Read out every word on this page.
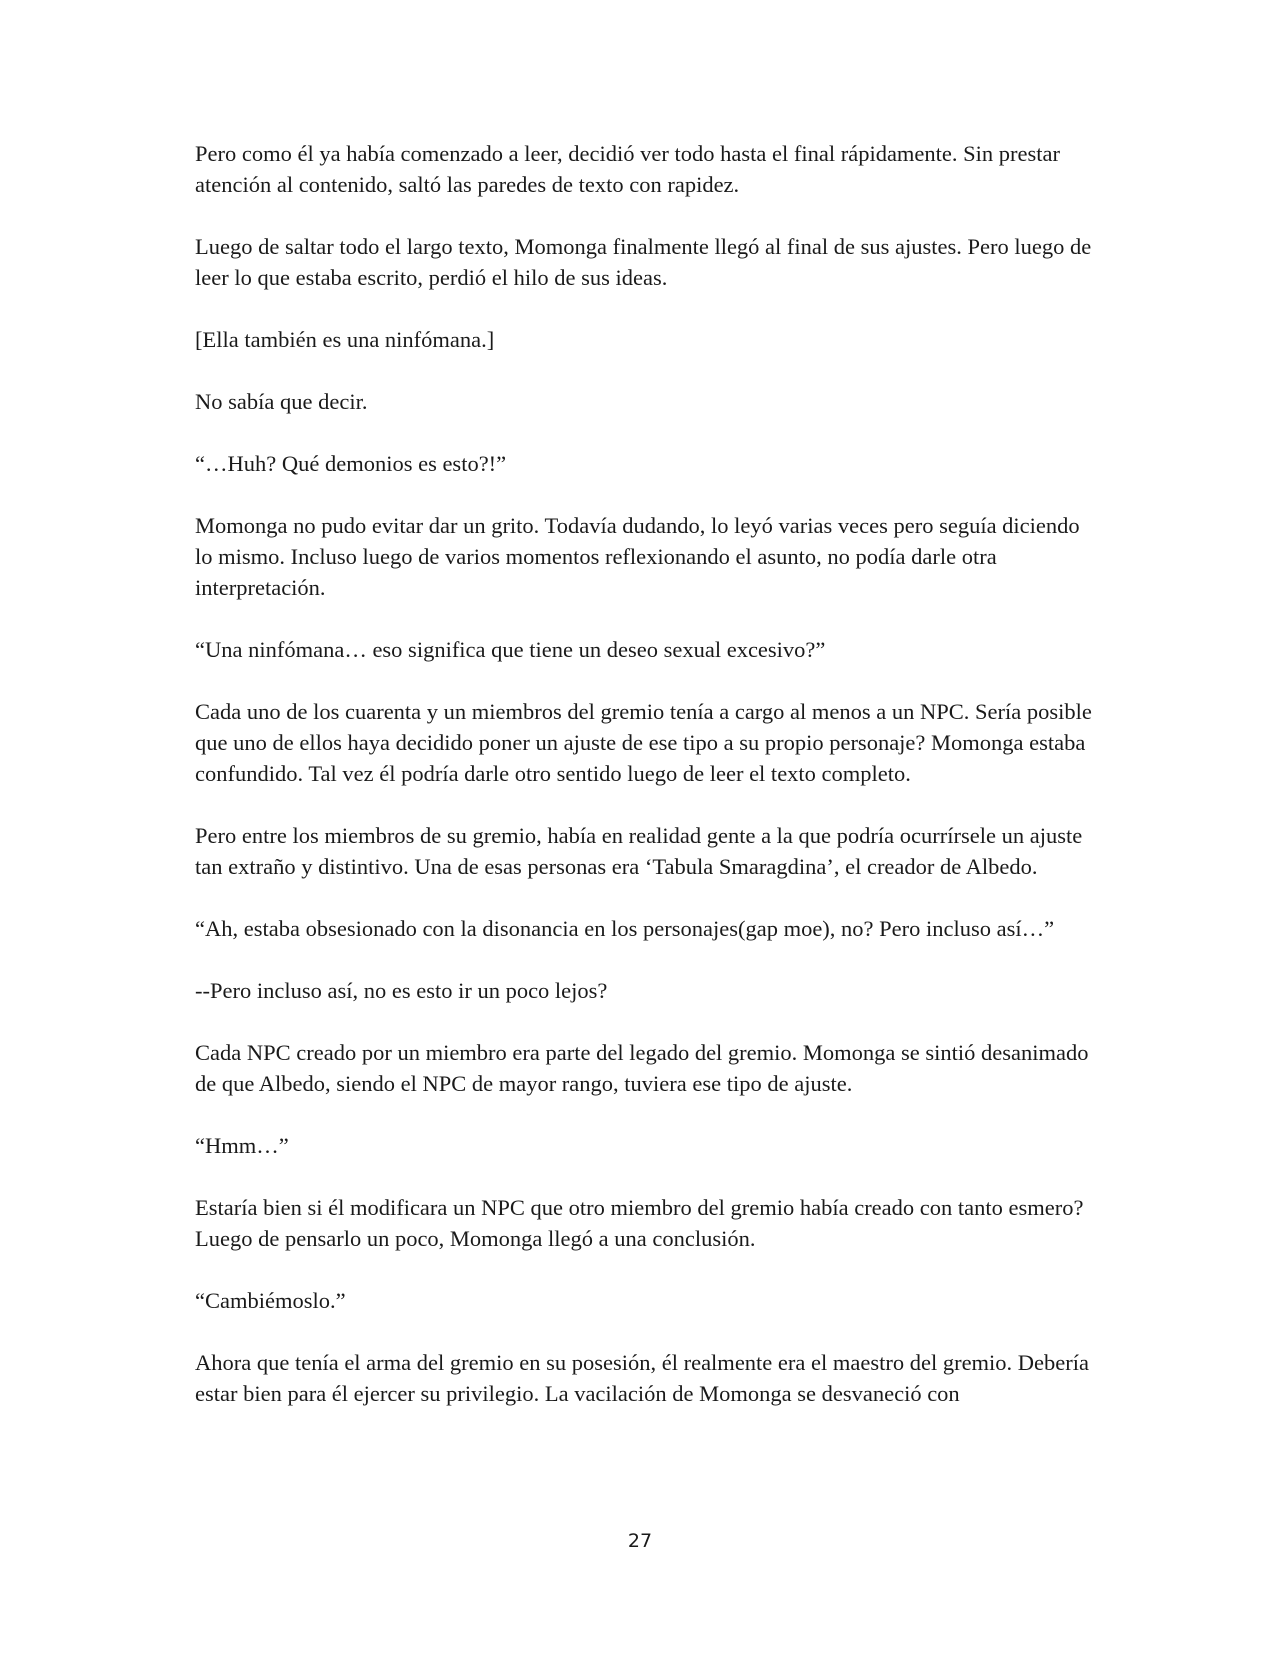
Pero como él ya había comenzado a leer, decidió ver todo hasta el final rápidamente. Sin prestar atención al contenido, saltó las paredes de texto con rapidez.

Luego de saltar todo el largo texto, Momonga finalmente llegó al final de sus ajustes. Pero luego de leer lo que estaba escrito, perdió el hilo de sus ideas.

[Ella también es una ninfómana.]

No sabía que decir.

“…Huh? Qué demonios es esto?!”

Momonga no pudo evitar dar un grito. Todavía dudando, lo leyó varias veces pero seguía diciendo lo mismo. Incluso luego de varios momentos reflexionando el asunto, no podía darle otra interpretación.

“Una ninfómana… eso significa que tiene un deseo sexual excesivo?”

Cada uno de los cuarenta y un miembros del gremio tenía a cargo al menos a un NPC. Sería posible que uno de ellos haya decidido poner un ajuste de ese tipo a su propio personaje? Momonga estaba confundido. Tal vez él podría darle otro sentido luego de leer el texto completo.

Pero entre los miembros de su gremio, había en realidad gente a la que podría ocurrírsele un ajuste tan extraño y distintivo. Una de esas personas era ‘Tabula Smaragdina’, el creador de Albedo.

“Ah, estaba obsesionado con la disonancia en los personajes(gap moe), no? Pero incluso así…”

--Pero incluso así, no es esto ir un poco lejos?

Cada NPC creado por un miembro era parte del legado del gremio. Momonga se sintió desanimado de que Albedo, siendo el NPC de mayor rango, tuviera ese tipo de ajuste.

“Hmm…”

Estaría bien si él modificara un NPC que otro miembro del gremio había creado con tanto esmero? Luego de pensarlo un poco, Momonga llegó a una conclusión.

“Cambiémoslo.”

Ahora que tenía el arma del gremio en su posesión, él realmente era el maestro del gremio. Debería estar bien para él ejercer su privilegio. La vacilación de Momonga se desvaneció con

27
